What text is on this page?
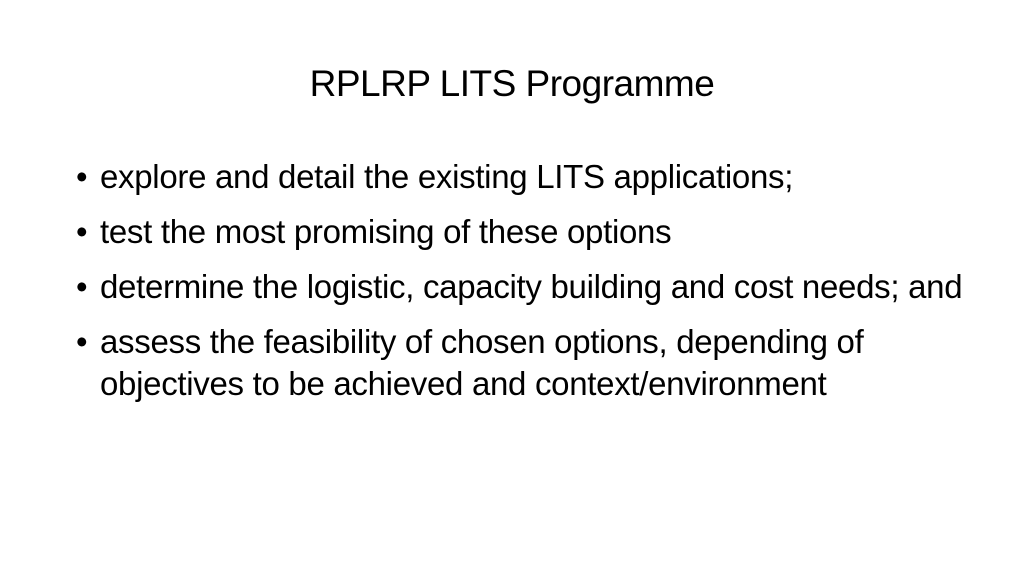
RPLRP LITS Programme
• explore and detail the existing LITS applications;
• test the most promising of these options
• determine the logistic, capacity building and cost needs; and
• assess the feasibility of chosen options, depending of objectives to be achieved and context/environment
